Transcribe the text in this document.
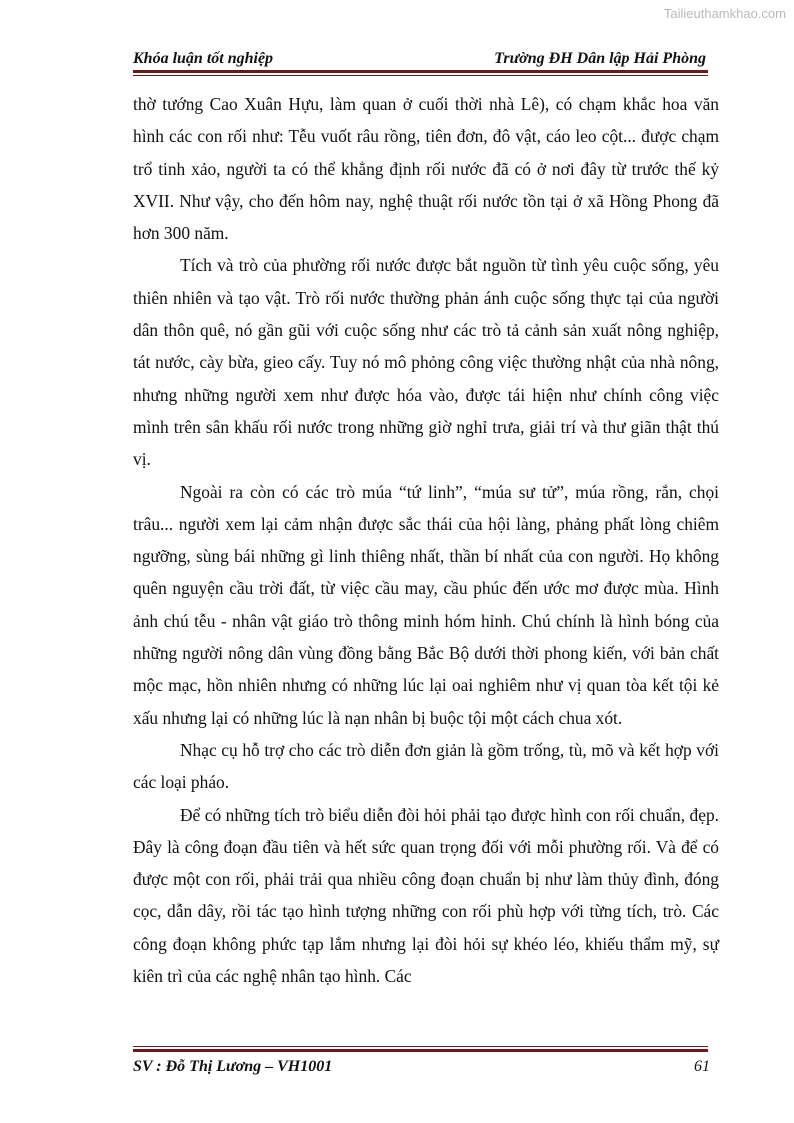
Tailieuthamkhao.com
Khóa luận tốt nghiệp	Trường ĐH Dân lập Hải Phòng

thờ tướng Cao Xuân Hựu, làm quan ở cuối thời nhà Lê), có chạm khắc hoa văn hình các con rối như: Tễu vuốt râu rồng, tiên đơn, đô vật, cáo leo cột... được chạm trổ tinh xảo, người ta có thể khẳng định rối nước đã có ở nơi đây từ trước thế kỷ XVII. Như vậy, cho đến hôm nay, nghệ thuật rối nước tồn tại ở xã Hồng Phong đã hơn 300 năm.

Tích và trò của phường rối nước được bắt nguồn từ tình yêu cuộc sống, yêu thiên nhiên và tạo vật. Trò rối nước thường phản ánh cuộc sống thực tại của người dân thôn quê, nó gần gũi với cuộc sống như các trò tả cảnh sản xuất nông nghiệp, tát nước, cày bừa, gieo cấy. Tuy nó mô phỏng công việc thường nhật của nhà nông, nhưng những người xem như được hóa vào, được tái hiện như chính công việc mình trên sân khấu rối nước trong những giờ nghỉ trưa, giải trí và thư giãn thật thú vị.

Ngoài ra còn có các trò múa “tứ linh”, “múa sư tử”, múa rồng, rắn, chọi trâu... người xem lại cảm nhận được sắc thái của hội làng, phảng phất lòng chiêm ngưỡng, sùng bái những gì linh thiêng nhất, thần bí nhất của con người. Họ không quên nguyện cầu trời đất, từ việc cầu may, cầu phúc đến ước mơ được mùa. Hình ảnh chú tễu - nhân vật giáo trò thông minh hóm hỉnh. Chú chính là hình bóng của những người nông dân vùng đồng bằng Bắc Bộ dưới thời phong kiến, với bản chất mộc mạc, hồn nhiên nhưng có những lúc lại oai nghiêm như vị quan tòa kết tội kẻ xấu nhưng lại có những lúc là nạn nhân bị buộc tội một cách chua xót.

Nhạc cụ hỗ trợ cho các trò diễn đơn giản là gồm trống, tù, mõ và kết hợp với các loại pháo.

Để có những tích trò biểu diễn đòi hỏi phải tạo được hình con rối chuẩn, đẹp. Đây là công đoạn đầu tiên và hết sức quan trọng đối với mỗi phường rối. Và để có được một con rối, phải trải qua nhiều công đoạn chuẩn bị như làm thủy đình, đóng cọc, dẫn dây, rồi tác tạo hình tượng những con rối phù hợp với từng tích, trò. Các công đoạn không phức tạp lắm nhưng lại đòi hỏi sự khéo léo, khiếu thẩm mỹ, sự kiên trì của các nghệ nhân tạo hình. Các

SV : Đỗ Thị Lương – VH1001	61
